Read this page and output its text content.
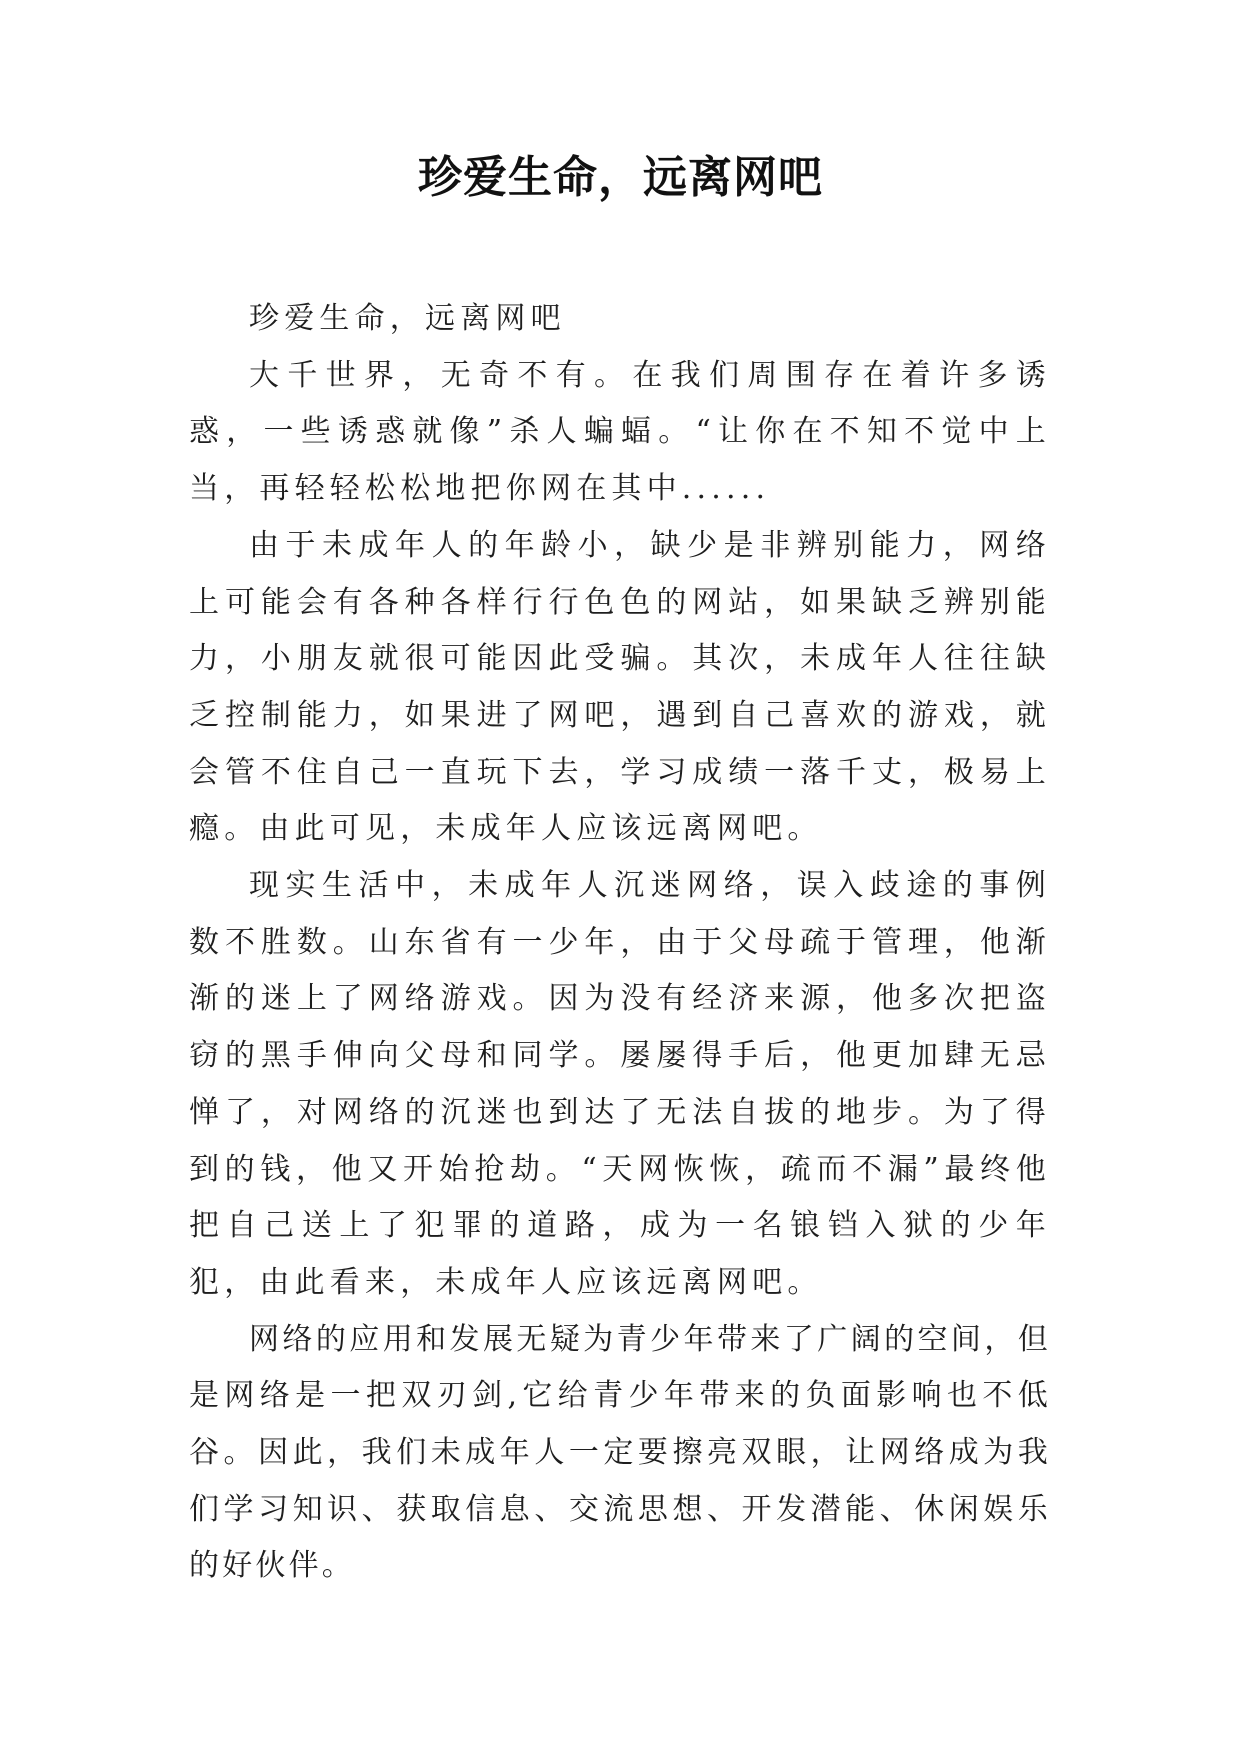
珍爱生命，远离网吧

珍爱生命，远离网吧

大千世界，无奇不有。在我们周围存在着许多诱惑，一些诱惑就像”杀人蝙蝠。“让你在不知不觉中上当，再轻轻松松地把你网在其中......

由于未成年人的年龄小，缺少是非辨别能力，网络上可能会有各种各样行行色色的网站，如果缺乏辨别能力，小朋友就很可能因此受骗。其次，未成年人往往缺乏控制能力，如果进了网吧，遇到自己喜欢的游戏，就会管不住自己一直玩下去，学习成绩一落千丈，极易上瘾。由此可见，未成年人应该远离网吧。

现实生活中，未成年人沉迷网络，误入歧途的事例数不胜数。山东省有一少年，由于父母疏于管理，他渐渐的迷上了网络游戏。因为没有经济来源，他多次把盗窃的黑手伸向父母和同学。屡屡得手后，他更加肆无忌惮了，对网络的沉迷也到达了无法自拔的地步。为了得到的钱，他又开始抢劫。“天网恢恢，疏而不漏”最终他把自己送上了犯罪的道路，成为一名锒铛入狱的少年犯，由此看来，未成年人应该远离网吧。

网络的应用和发展无疑为青少年带来了广阔的空间，但是网络是一把双刃剑,它给青少年带来的负面影响也不低谷。因此，我们未成年人一定要擦亮双眼，让网络成为我们学习知识、获取信息、交流思想、开发潜能、休闲娱乐的好伙伴。
